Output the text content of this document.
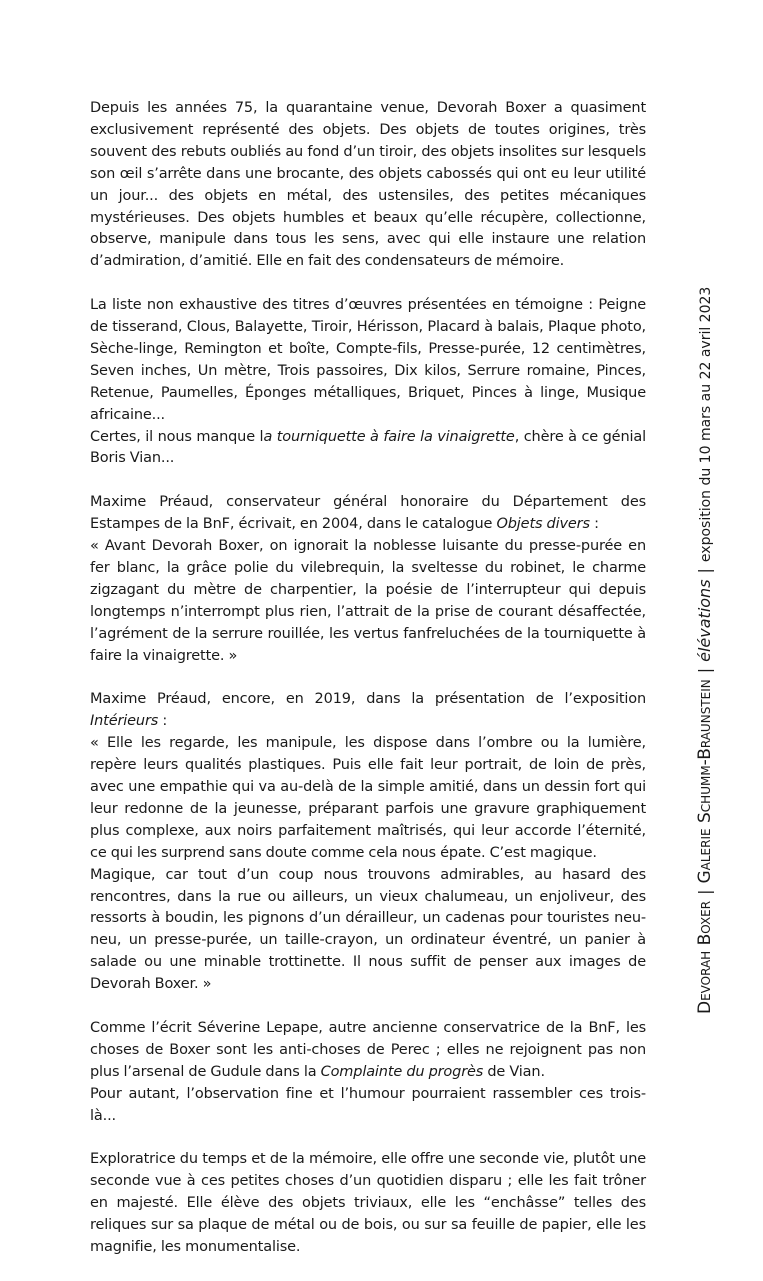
Depuis les années 75, la quarantaine venue, Devorah Boxer a quasiment exclusivement représenté des objets. Des objets de toutes origines, très souvent des rebuts oubliés au fond d’un tiroir, des objets insolites sur lesquels son œil s’arrête dans une brocante, des objets cabossés qui ont eu leur utilité un jour... des objets en métal, des ustensiles, des petites mécaniques mystérieuses. Des objets humbles et beaux qu’elle récupère, collectionne, observe, manipule dans tous les sens, avec qui elle instaure une relation d’admiration, d’amitié. Elle en fait des condensateurs de mémoire.

La liste non exhaustive des titres d’œuvres présentées en témoigne : Peigne de tisserand, Clous, Balayette, Tiroir, Hérisson, Placard à balais, Plaque photo, Sèche-linge, Remington et boîte, Compte-fils, Presse-purée, 12 centimètres, Seven inches, Un mètre, Trois passoires, Dix kilos, Serrure romaine, Pinces, Retenue, Paumelles, Éponges métalliques, Briquet, Pinces à linge, Musique africaine...
Certes, il nous manque la tourniquette à faire la vinaigrette, chère à ce génial Boris Vian...

Maxime Préaud, conservateur général honoraire du Département des Estampes de la BnF, écrivait, en 2004, dans le catalogue Objets divers :
« Avant Devorah Boxer, on ignorait la noblesse luisante du presse-purée en fer blanc, la grâce polie du vilebrequin, la sveltesse du robinet, le charme zigzagant du mètre de charpentier, la poésie de l’interrupteur qui depuis longtemps n’interrompt plus rien, l’attrait de la prise de courant désaffectée, l’agrément de la serrure rouillée, les vertus fanfreluchées de la tourniquette à faire la vinaigrette. »

Maxime Préaud, encore, en 2019, dans la présentation de l’exposition Intérieurs :
« Elle les regarde, les manipule, les dispose dans l’ombre ou la lumière, repère leurs qualités plastiques. Puis elle fait leur portrait, de loin de près, avec une empathie qui va au-delà de la simple amitié, dans un dessin fort qui leur redonne de la jeunesse, préparant parfois une gravure graphiquement plus complexe, aux noirs parfaitement maîtrisés, qui leur accorde l’éternité, ce qui les surprend sans doute comme cela nous épate. C’est magique.
Magique, car tout d’un coup nous trouvons admirables, au hasard des rencontres, dans la rue ou ailleurs, un vieux chalumeau, un enjoliveur, des ressorts à boudin, les pignons d’un dérailleur, un cadenas pour touristes neu-neu, un presse-purée, un taille-crayon, un ordinateur éventré, un panier à salade ou une minable trottinette. Il nous suffit de penser aux images de Devorah Boxer. »

Comme l’écrit Séverine Lepape, autre ancienne conservatrice de la BnF, les choses de Boxer sont les anti-choses de Perec ; elles ne rejoignent pas non plus l’arsenal de Gudule dans la Complainte du progrès de Vian.
Pour autant, l’observation fine et l’humour pourraient rassembler ces trois-là...

Exploratrice du temps et de la mémoire, elle offre une seconde vie, plutôt une seconde vue à ces petites choses d’un quotidien disparu ; elle les fait trôner en majesté. Elle élève des objets triviaux, elle les “enchâsse” telles des reliques sur sa plaque de métal ou de bois, ou sur sa feuille de papier, elle les magnifie, les monumentalise.

Devorah Boxer|Galerie Schumm-Braunstein|élévations|exposition du 10 mars au 22 avril 2023
